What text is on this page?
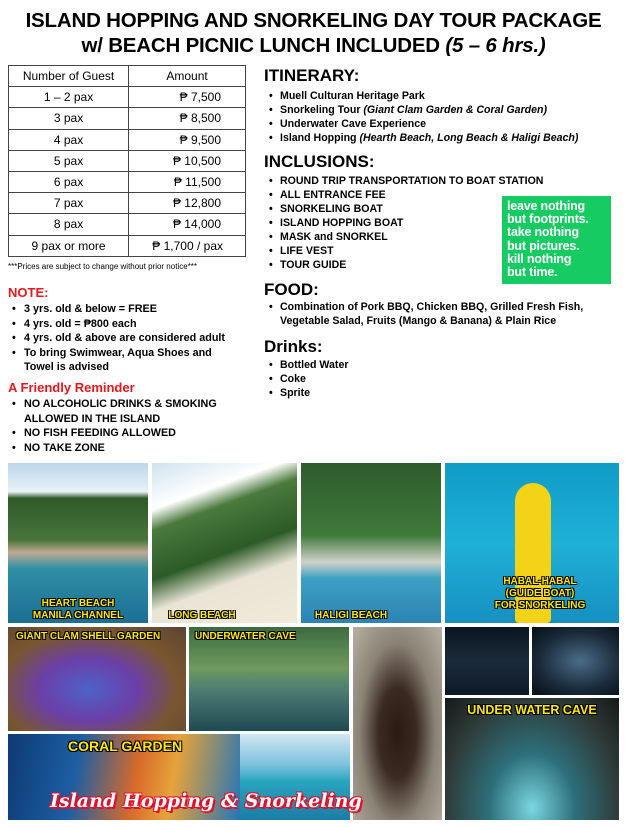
ISLAND HOPPING AND SNORKELING DAY TOUR PACKAGE
w/ BEACH PICNIC LUNCH INCLUDED (5 – 6 hrs.)
Number of Guest	Amount
1 – 2 pax	₱ 7,500
3 pax	₱ 8,500
4 pax	₱ 9,500
5 pax	₱ 10,500
6 pax	₱ 11,500
7 pax	₱ 12,800
8 pax	₱ 14,000
9 pax or more	₱ 1,700 / pax
***Prices are subject to change without prior notice***
NOTE:
• 3 yrs. old & below = FREE
• 4 yrs. old = ₱800 each
• 4 yrs. old & above are considered adult
• To bring Swimwear, Aqua Shoes and Towel is advised
A Friendly Reminder
• NO ALCOHOLIC DRINKS & SMOKING ALLOWED IN THE ISLAND
• NO FISH FEEDING ALLOWED
• NO TAKE ZONE
ITINERARY:
• Muell Culturan Heritage Park
• Snorkeling Tour (Giant Clam Garden & Coral Garden)
• Underwater Cave Experience
• Island Hopping (Hearth Beach, Long Beach & Haligi Beach)
INCLUSIONS:
• ROUND TRIP TRANSPORTATION TO BOAT STATION
• ALL ENTRANCE FEE
• SNORKELING BOAT
• ISLAND HOPPING BOAT
• MASK and SNORKEL
• LIFE VEST
• TOUR GUIDE
leave nothing
but footprints.
take nothing
but pictures.
kill nothing
but time.
FOOD:
• Combination of Pork BBQ, Chicken BBQ, Grilled Fresh Fish, Vegetable Salad, Fruits (Mango & Banana) & Plain Rice
Drinks:
• Bottled Water
• Coke
• Sprite
HEART BEACH
MANILA CHANNEL	LONG BEACH	HALIGI BEACH
HABAL-HABAL
(GUIDE BOAT)
FOR SNORKELING
GIANT CLAM SHELL GARDEN	UNDERWATER CAVE
UNDER WATER CAVE
CORAL GARDEN
Island Hopping & Snorkeling
